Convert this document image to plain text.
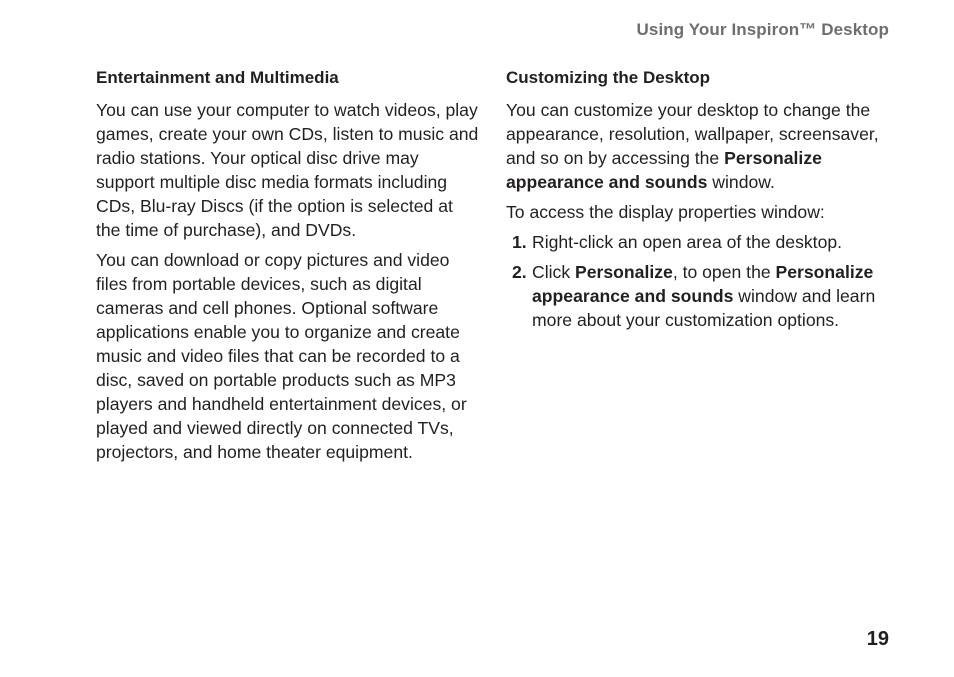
Using Your Inspiron™ Desktop
Entertainment and Multimedia

You can use your computer to watch videos, play games, create your own CDs, listen to music and radio stations. Your optical disc drive may support multiple disc media formats including CDs, Blu-ray Discs (if the option is selected at the time of purchase), and DVDs.

You can download or copy pictures and video files from portable devices, such as digital cameras and cell phones. Optional software applications enable you to organize and create music and video files that can be recorded to a disc, saved on portable products such as MP3 players and handheld entertainment devices, or played and viewed directly on connected TVs, projectors, and home theater equipment.

Customizing the Desktop

You can customize your desktop to change the appearance, resolution, wallpaper, screensaver, and so on by accessing the Personalize appearance and sounds window.

To access the display properties window:

1. Right-click an open area of the desktop.
2. Click Personalize, to open the Personalize appearance and sounds window and learn more about your customization options.
19
